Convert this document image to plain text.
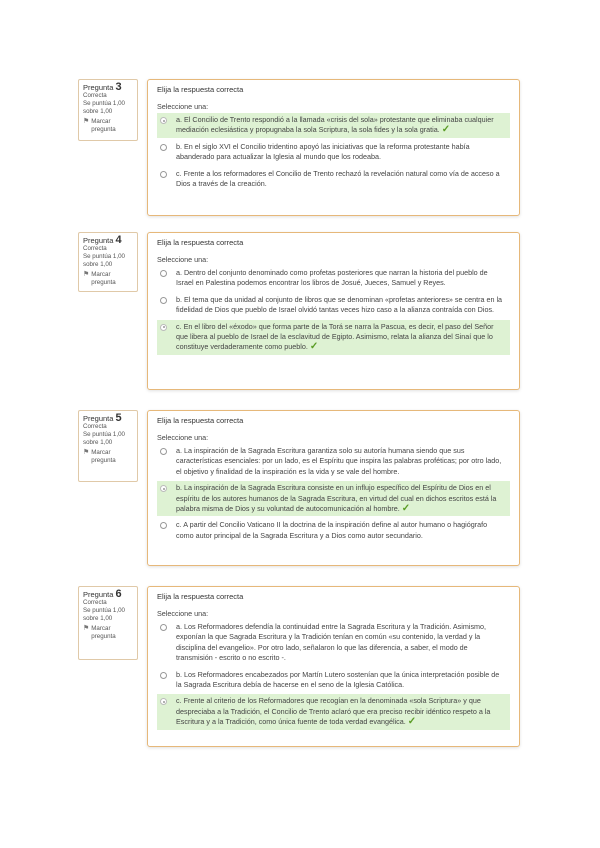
Pregunta 3
Correcta
Se puntúa 1,00 sobre 1,00
⚑ Marcar pregunta
Elija la respuesta correcta
Seleccione una:
a. El Concilio de Trento respondió a la llamada «crisis del sola» protestante que eliminaba cualquier mediación eclesiástica y propugnaba la sola Scriptura, la sola fides y la sola gratia. ✓
b. En el siglo XVI el Concilio tridentino apoyó las iniciativas que la reforma protestante había abanderado para actualizar la Iglesia al mundo que los rodeaba.
c. Frente a los reformadores el Concilio de Trento rechazó la revelación natural como vía de acceso a Dios a través de la creación.
Pregunta 4
Correcta
Se puntúa 1,00 sobre 1,00
⚑ Marcar pregunta
Elija la respuesta correcta
Seleccione una:
a. Dentro del conjunto denominado como profetas posteriores que narran la historia del pueblo de Israel en Palestina podemos encontrar los libros de Josué, Jueces, Samuel y Reyes.
b. El tema que da unidad al conjunto de libros que se denominan «profetas anteriores» se centra en la fidelidad de Dios que pueblo de Israel olvidó tantas veces hizo caso a la alianza contraída con Dios.
c. En el libro del «éxodo» que forma parte de la Torá se narra la Pascua, es decir, el paso del Señor que libera al pueblo de Israel de la esclavitud de Egipto. Asimismo, relata la alianza del Sinaí que lo constituye verdaderamente como pueblo. ✓
Pregunta 5
Correcta
Se puntúa 1,00 sobre 1,00
⚑ Marcar pregunta
Elija la respuesta correcta
Seleccione una:
a. La inspiración de la Sagrada Escritura garantiza solo su autoría humana siendo que sus características esenciales: por un lado, es el Espíritu que inspira las palabras proféticas; por otro lado, el objetivo y finalidad de la inspiración es la vida y se vale del hombre.
b. La inspiración de la Sagrada Escritura consiste en un influjo específico del Espíritu de Dios en el espíritu de los autores humanos de la Sagrada Escritura, en virtud del cual en dichos escritos está la palabra misma de Dios y su voluntad de autocomunicación al hombre. ✓
c. A partir del Concilio Vaticano II la doctrina de la inspiración define al autor humano o hagiógrafo como autor principal de la Sagrada Escritura y a Dios como autor secundario.
Pregunta 6
Correcta
Se puntúa 1,00 sobre 1,00
⚑ Marcar pregunta
Elija la respuesta correcta
Seleccione una:
a. Los Reformadores defendía la continuidad entre la Sagrada Escritura y la Tradición. Asimismo, exponían la que Sagrada Escritura y la Tradición tenían en común «su contenido, la verdad y la disciplina del evangelio». Por otro lado, señalaron lo que las diferencia, a saber, el modo de transmisión - escrito o no escrito -.
b. Los Reformadores encabezados por Martín Lutero sostenían que la única interpretación posible de la Sagrada Escritura debía de hacerse en el seno de la Iglesia Católica.
c. Frente al criterio de los Reformadores que recogían en la denominada «sola Scriptura» y que despreciaba a la Tradición, el Concilio de Trento aclaró que era preciso recibir idéntico respeto a la Escritura y a la Tradición, como única fuente de toda verdad evangélica. ✓
